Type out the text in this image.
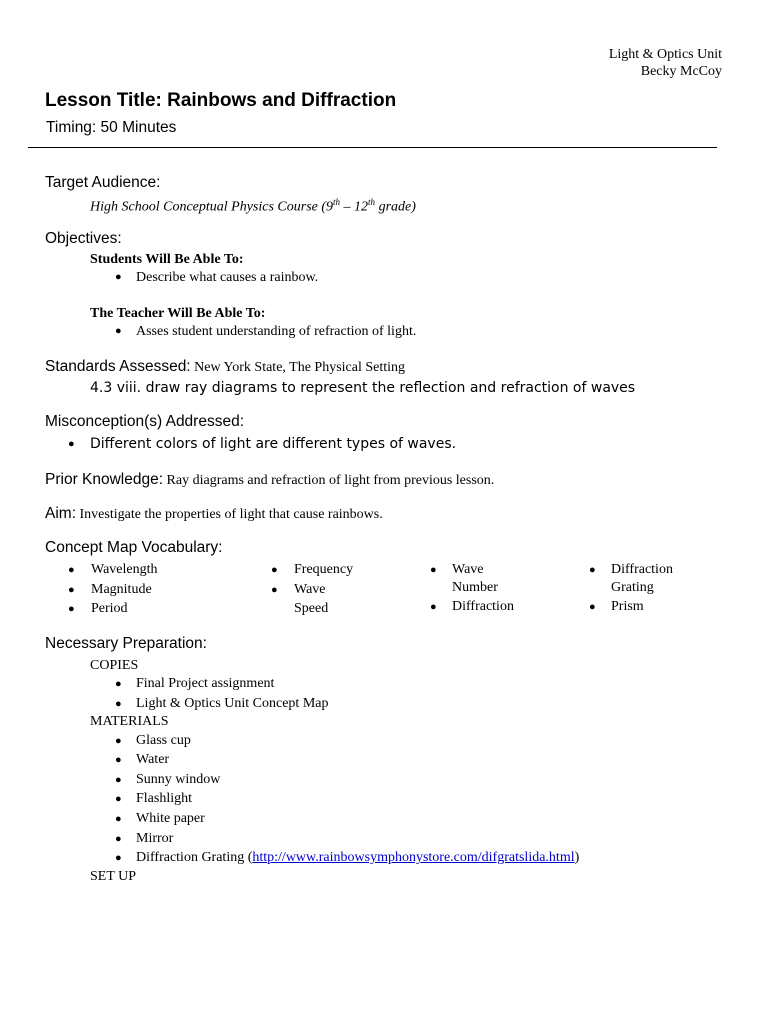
Light & Optics Unit
Becky McCoy
Lesson Title: Rainbows and Diffraction
Timing: 50 Minutes
Target Audience:
High School Conceptual Physics Course (9th – 12th grade)
Objectives:
Students Will Be Able To:
● Describe what causes a rainbow.
The Teacher Will Be Able To:
● Asses student understanding of refraction of light.
Standards Assessed: New York State, The Physical Setting
4.3 viii. draw ray diagrams to represent the reflection and refraction of waves
Misconception(s) Addressed:
● Different colors of light are different types of waves.
Prior Knowledge: Ray diagrams and refraction of light from previous lesson.
Aim: Investigate the properties of light that cause rainbows.
Concept Map Vocabulary:
● Wavelength
● Magnitude
● Period
● Frequency
● Wave
Speed
● Wave
Number
● Diffraction
● Diffraction
Grating
● Prism
Necessary Preparation:
COPIES
● Final Project assignment
● Light & Optics Unit Concept Map
MATERIALS
● Glass cup
● Water
● Sunny window
● Flashlight
● White paper
● Mirror
● Diffraction Grating (http://www.rainbowsymphonystore.com/difgratslida.html)
SET UP
